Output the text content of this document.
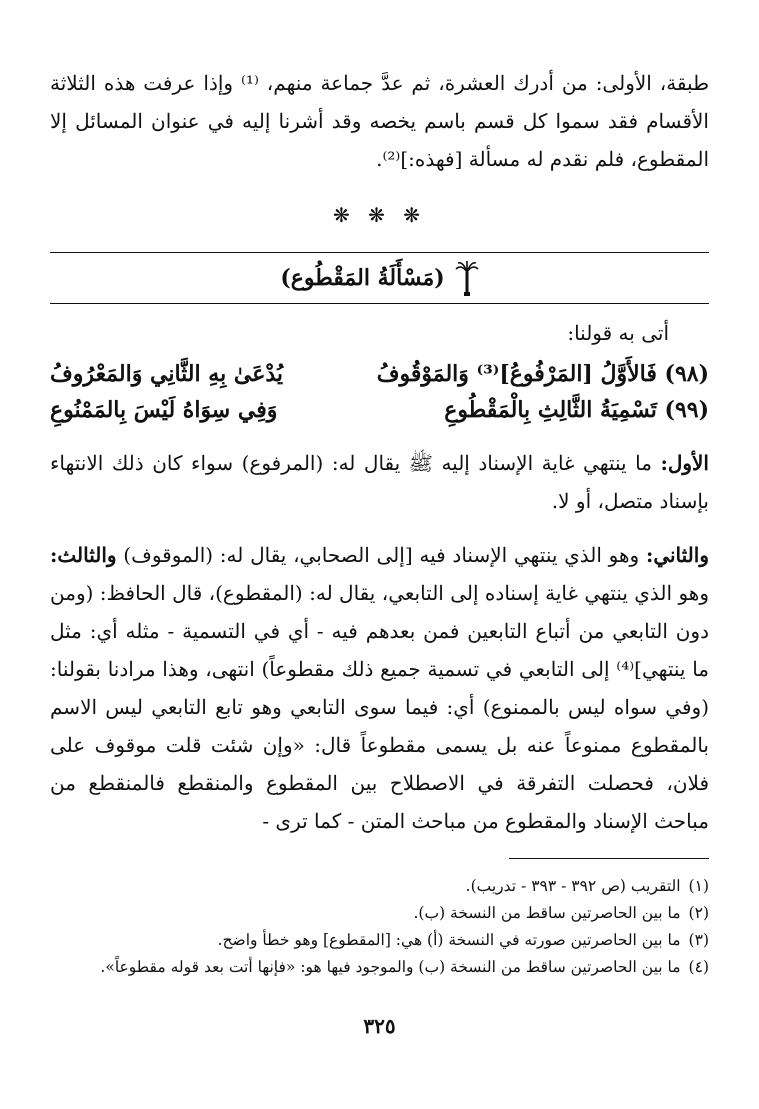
طبقة، الأولى: من أدرك العشرة، ثم عدَّ جماعة منهم، ⁽¹⁾ وإذا عرفت هذه الثلاثة الأقسام فقد سموا كل قسم باسم يخصه وقد أشرنا إليه في عنوان المسائل إلا المقطوع، فلم نقدم له مسألة [فهذه:]⁽²⁾.

❋ ❋ ❋
(مَسْأَلَةُ المَقْطُوع)

أتى به قولنا:

(٩٨) فَالأَوَّلُ [المَرْفُوعُ]⁽³⁾ وَالمَوْقُوفُ
يُدْعَىٰ بِهِ الثَّانِي وَالمَعْرُوفُ
(٩٩) تَسْمِيَةُ الثَّالِثِ بِالْمَقْطُوعِ
وَفِي سِوَاهُ لَيْسَ بِالمَمْنُوعِ

الأول: ما ينتهي غاية الإسناد إليه ﷺ يقال له: (المرفوع) سواء كان ذلك الانتهاء بإسناد متصل، أو لا.

والثاني: وهو الذي ينتهي الإسناد فيه [إلى الصحابي، يقال له: (الموقوف) والثالث: وهو الذي ينتهي غاية إسناده إلى التابعي، يقال له: (المقطوع)، قال الحافظ: (ومن دون التابعي من أتباع التابعين فمن بعدهم فيه - أي في التسمية - مثله أي: مثل ما ينتهي]⁽⁴⁾ إلى التابعي في تسمية جميع ذلك مقطوعاً) انتهى، وهذا مرادنا بقولنا: (وفي سواه ليس بالممنوع) أي: فيما سوى التابعي وهو تابع التابعي ليس الاسم بالمقطوع ممنوعاً عنه بل يسمى مقطوعاً قال: «وإن شئت قلت موقوف على فلان، فحصلت التفرقة في الاصطلاح بين المقطوع والمنقطع فالمنقطع من مباحث الإسناد والمقطوع من مباحث المتن - كما ترى -

(١)
التقريب (ص ٣٩٢ - ٣٩٣ - تدريب).
(٢)
ما بين الحاصرتين ساقط من النسخة (ب).
(٣)
ما بين الحاصرتين صورته في النسخة (أ) هي: [المقطوع] وهو خطأ واضح.
(٤)
ما بين الحاصرتين ساقط من النسخة (ب) والموجود فيها هو: «فإنها أتت بعد قوله مقطوعاً».
٣٢٥
